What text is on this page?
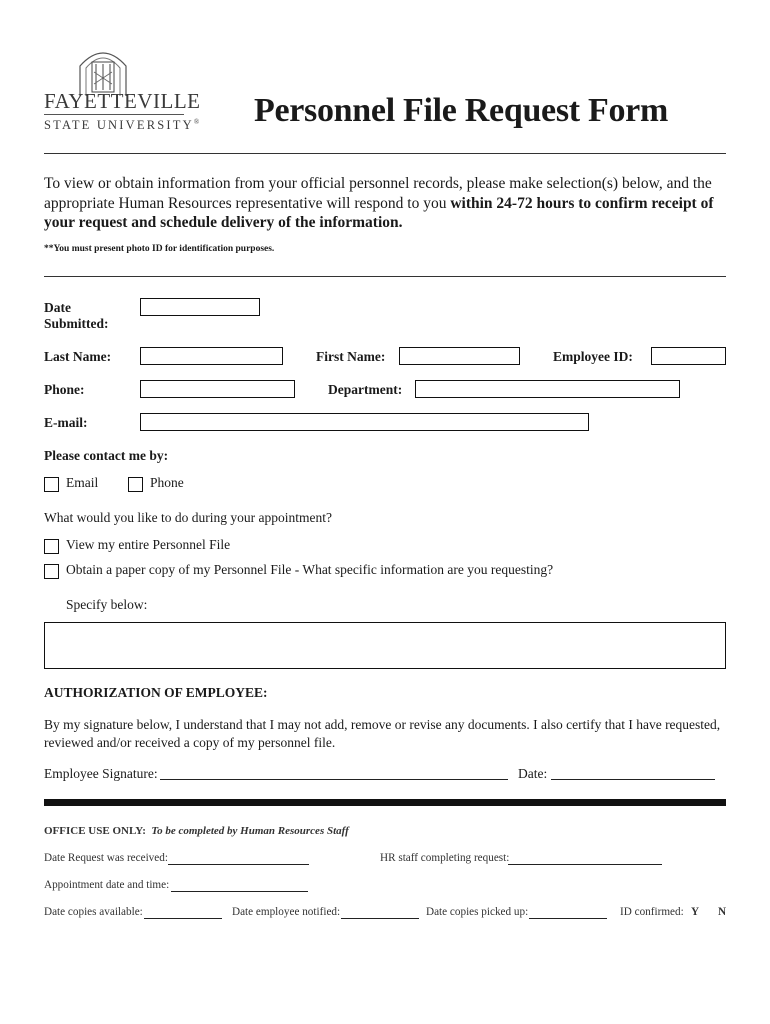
FAYETTEVILLE
STATE UNIVERSITY® Personnel File Request Form
To view or obtain information from your official personnel records, please make selection(s) below, and the appropriate Human Resources representative will respond to you within 24-72 hours to confirm receipt of your request and schedule delivery of the information.
**You must present photo ID for identification purposes.
Date
Submitted:
Last Name:	First Name:	Employee ID:
Phone:	Department:
E-mail:
Please contact me by:
Email	Phone
What would you like to do during your appointment?
View my entire Personnel File
Obtain a paper copy of my Personnel File - What specific information are you requesting?
Specify below:
AUTHORIZATION OF EMPLOYEE:
By my signature below, I understand that I may not add, remove or revise any documents. I also certify that I have requested, reviewed and/or received a copy of my personnel file.
Employee Signature:	Date:
OFFICE USE ONLY: To be completed by Human Resources Staff
Date Request was received:	HR staff completing request:
Appointment date and time:
Date copies available:	Date employee notified:	Date copies picked up:	ID confirmed: Y N
